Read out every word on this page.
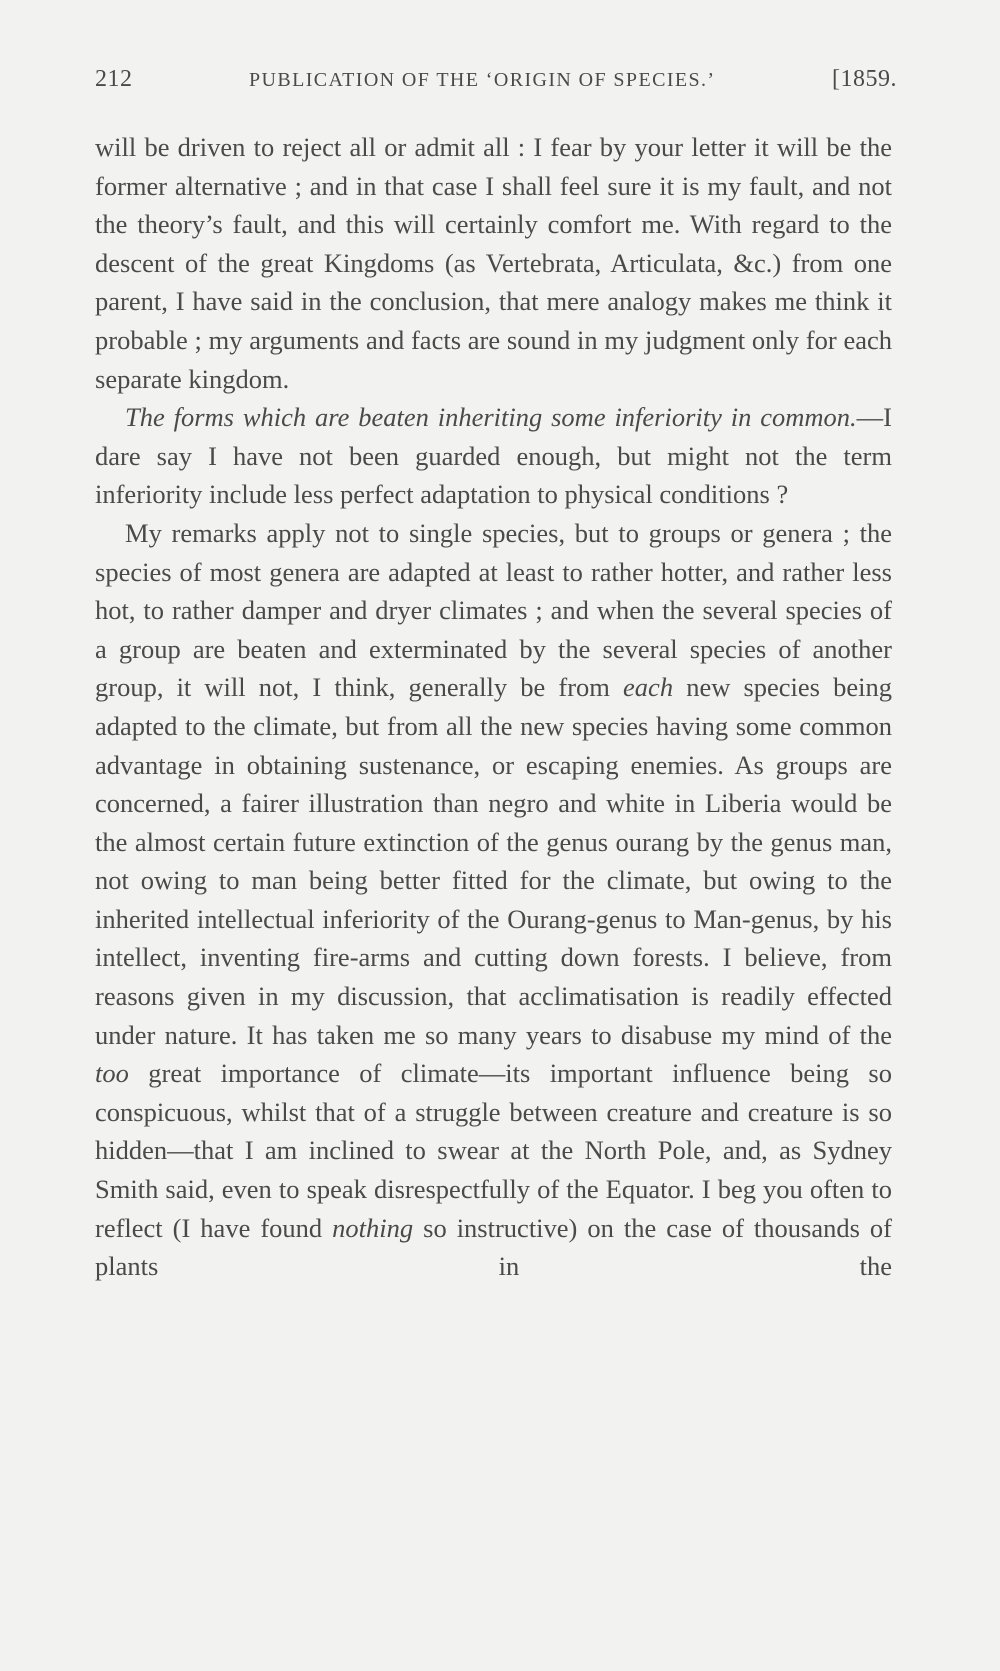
212	PUBLICATION OF THE ‘ORIGIN OF SPECIES.’	[1859.

will be driven to reject all or admit all : I fear by your letter it will be the former alternative ; and in that case I shall feel sure it is my fault, and not the theory’s fault, and this will certainly comfort me. With regard to the descent of the great Kingdoms (as Vertebrata, Articulata, &c.) from one parent, I have said in the conclusion, that mere analogy makes me think it probable ; my arguments and facts are sound in my judgment only for each separate kingdom.

The forms which are beaten inheriting some inferiority in common.—I dare say I have not been guarded enough, but might not the term inferiority include less perfect adaptation to physical conditions ?

My remarks apply not to single species, but to groups or genera ; the species of most genera are adapted at least to rather hotter, and rather less hot, to rather damper and dryer climates ; and when the several species of a group are beaten and exterminated by the several species of another group, it will not, I think, generally be from each new species being adapted to the climate, but from all the new species having some common advantage in obtaining sustenance, or escaping enemies. As groups are concerned, a fairer illustration than negro and white in Liberia would be the almost certain future extinction of the genus ourang by the genus man, not owing to man being better fitted for the climate, but owing to the inherited intellectual inferiority of the Ourang-genus to Man-genus, by his intellect, inventing fire-arms and cutting down forests. I believe, from reasons given in my discussion, that acclimatisation is readily effected under nature. It has taken me so many years to disabuse my mind of the too great importance of climate—its important influence being so conspicuous, whilst that of a struggle between creature and creature is so hidden—that I am inclined to swear at the North Pole, and, as Sydney Smith said, even to speak disrespectfully of the Equator. I beg you often to reflect (I have found nothing so instructive) on the case of thousands of plants in the
